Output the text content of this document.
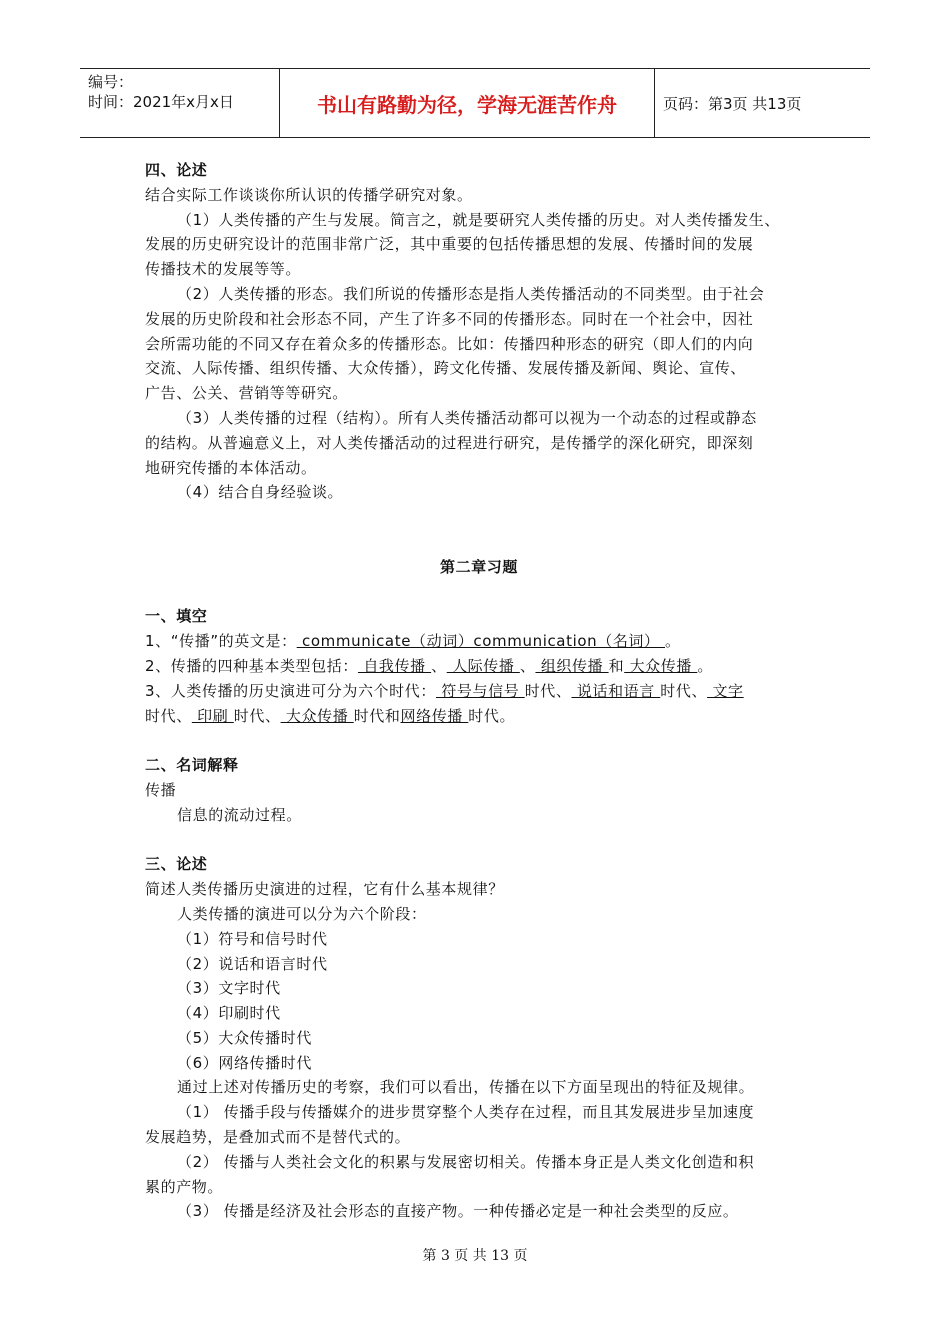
编号：
时间：2021年x月x日	书山有路勤为径，学海无涯苦作舟	页码：第3页 共13页
四、论述
结合实际工作谈谈你所认识的传播学研究对象。
（1）人类传播的产生与发展。简言之，就是要研究人类传播的历史。对人类传播发生、
发展的历史研究设计的范围非常广泛，其中重要的包括传播思想的发展、传播时间的发展
传播技术的发展等等。
（2）人类传播的形态。我们所说的传播形态是指人类传播活动的不同类型。由于社会
发展的历史阶段和社会形态不同，产生了许多不同的传播形态。同时在一个社会中，因社
会所需功能的不同又存在着众多的传播形态。比如：传播四种形态的研究（即人们的内向
交流、人际传播、组织传播、大众传播），跨文化传播、发展传播及新闻、舆论、宣传、
广告、公关、营销等等研究。
（3）人类传播的过程（结构）。所有人类传播活动都可以视为一个动态的过程或静态
的结构。从普遍意义上，对人类传播活动的过程进行研究，是传播学的深化研究，即深刻
地研究传播的本体活动。
（4）结合自身经验谈。
第二章习题
一、填空
1、“传播”的英文是： communicate（动词）communication（名词） 。
2、传播的四种基本类型包括： 自我传播 、 人际传播 、 组织传播 和 大众传播 。
3、人类传播的历史演进可分为六个时代： 符号与信号 时代、 说话和语言 时代、 文字
时代、 印刷 时代、 大众传播 时代和网络传播 时代。
二、名词解释
传播
信息的流动过程。
三、论述
简述人类传播历史演进的过程，它有什么基本规律？
人类传播的演进可以分为六个阶段：
（1）符号和信号时代
（2）说话和语言时代
（3）文字时代
（4）印刷时代
（5）大众传播时代
（6）网络传播时代
通过上述对传播历史的考察，我们可以看出，传播在以下方面呈现出的特征及规律。
（1） 传播手段与传播媒介的进步贯穿整个人类存在过程，而且其发展进步呈加速度
发展趋势，是叠加式而不是替代式的。
（2） 传播与人类社会文化的积累与发展密切相关。传播本身正是人类文化创造和积
累的产物。
（3） 传播是经济及社会形态的直接产物。一种传播必定是一种社会类型的反应。
第 3 页 共 13 页
